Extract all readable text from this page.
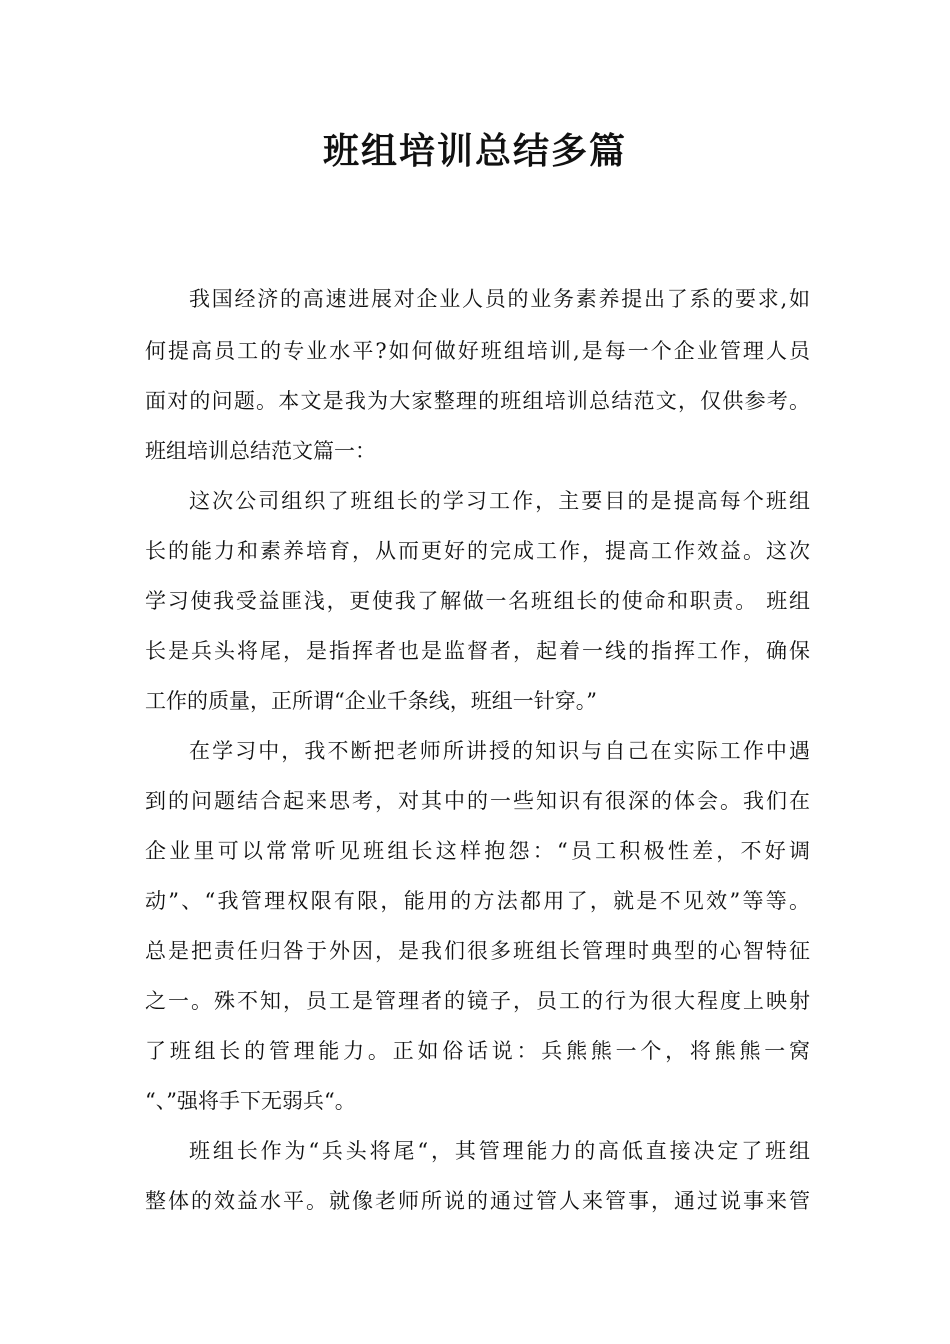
班组培训总结多篇
我国经济的高速进展对企业人员的业务素养提出了系的要求,如
何提高员工的专业水平?如何做好班组培训,是每一个企业管理人员
面对的问题。本文是我为大家整理的班组培训总结范文，仅供参考。
班组培训总结范文篇一：
这次公司组织了班组长的学习工作，主要目的是提高每个班组
长的能力和素养培育，从而更好的完成工作，提高工作效益。这次
学习使我受益匪浅，更使我了解做一名班组长的使命和职责。 班组
长是兵头将尾，是指挥者也是监督者，起着一线的指挥工作，确保
工作的质量，正所谓“企业千条线，班组一针穿。”
在学习中，我不断把老师所讲授的知识与自己在实际工作中遇
到的问题结合起来思考，对其中的一些知识有很深的体会。我们在
企业里可以常常听见班组长这样抱怨：“员工积极性差，不好调
动”、“我管理权限有限，能用的方法都用了，就是不见效”等等。
总是把责任归咎于外因，是我们很多班组长管理时典型的心智特征
之一。殊不知，员工是管理者的镜子，员工的行为很大程度上映射
了班组长的管理能力。正如俗话说：兵熊熊一个，将熊熊一窝
“、”强将手下无弱兵“。
班组长作为“兵头将尾“，其管理能力的高低直接决定了班组
整体的效益水平。就像老师所说的通过管人来管事，通过说事来管
